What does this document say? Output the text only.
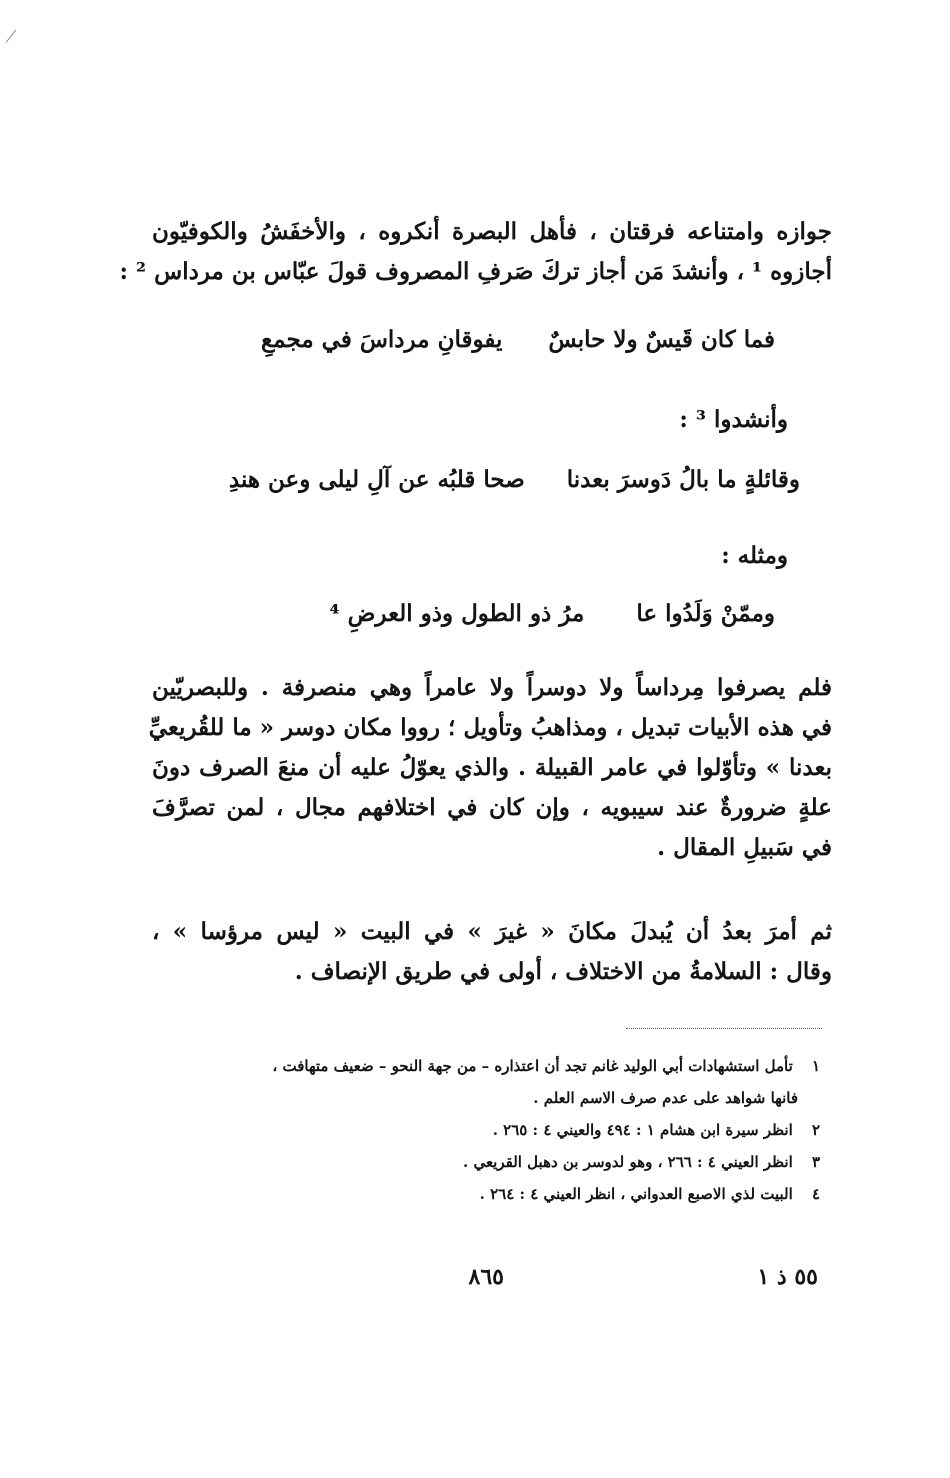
جوازه وامتناعه فرقتان ، فأهل البصرة أنكروه ، والأخفَشُ والكوفيّون
أجازوه ¹ ، وأنشدَ مَن أجاز تركَ صَرفِ المصروف قولَ عبّاس بن مرداس ² :
فما كان قَيسٌ ولا حابسٌ يفوقانِ مرداسَ في مجمعِ
وأنشدوا ³ :
وقائلةٍ ما بالُ دَوسرَ بعدنا صحا قلبُه عن آلِ ليلى وعن هندِ
ومثله :
وممّنْ وَلَدُوا عا مرُ ذو الطول وذو العرضِ ⁴
فلم يصرفوا مِرداساً ولا دوسراً ولا عامراً وهي منصرفة . وللبصريّين
في هذه الأبيات تبديل ، ومذاهبُ وتأويل ؛ رووا مكان دوسر « ما للقُريعيِّ
بعدنا » وتأوّلوا في عامر القبيلة . والذي يعوّلُ عليه أن منعَ الصرف دونَ
علةٍ ضرورةٌ عند سيبويه ، وإن كان في اختلافهم مجال ، لمن تصرَّفَ
في سَبيلِ المقال .
ثم أمرَ بعدُ أن يُبدلَ مكانَ « غيرَ » في البيت « ليس مرؤسا » ،
وقال : السلامةُ من الاختلاف ، أولى في طريق الإنصاف .
١ تأمل استشهادات أبي الوليد غانم تجد أن اعتذاره – من جهة النحو – ضعيف متهافت ،
فانها شواهد على عدم صرف الاسم العلم .
٢ انظر سيرة ابن هشام ١ : ٤٩٤ والعيني ٤ : ٢٦٥ .
٣ انظر العيني ٤ : ٢٦٦ ، وهو لدوسر بن دهبل القريعي .
٤ البيت لذي الاصبع العدواني ، انظر العيني ٤ : ٢٦٤ .
٥٥ ذ ١
٨٦٥
